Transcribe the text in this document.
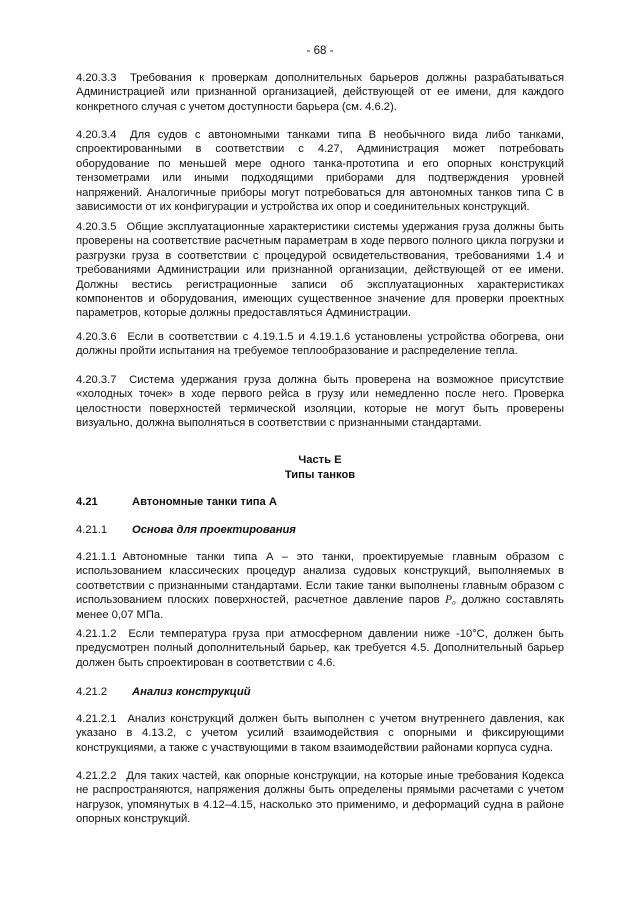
- 68 -
4.20.3.3 Требования к проверкам дополнительных барьеров должны разрабатываться Администрацией или признанной организацией, действующей от ее имени, для каждого конкретного случая с учетом доступности барьера (см. 4.6.2).
4.20.3.4 Для судов с автономными танками типа B необычного вида либо танками, спроектированными в соответствии с 4.27, Администрация может потребовать оборудование по меньшей мере одного танка-прототипа и его опорных конструкций тензометрами или иными подходящими приборами для подтверждения уровней напряжений. Аналогичные приборы могут потребоваться для автономных танков типа C в зависимости от их конфигурации и устройства их опор и соединительных конструкций.
4.20.3.5 Общие эксплуатационные характеристики системы удержания груза должны быть проверены на соответствие расчетным параметрам в ходе первого полного цикла погрузки и разгрузки груза в соответствии с процедурой освидетельствования, требованиями 1.4 и требованиями Администрации или признанной организации, действующей от ее имени. Должны вестись регистрационные записи об эксплуатационных характеристиках компонентов и оборудования, имеющих существенное значение для проверки проектных параметров, которые должны предоставляться Администрации.
4.20.3.6 Если в соответствии с 4.19.1.5 и 4.19.1.6 установлены устройства обогрева, они должны пройти испытания на требуемое теплообразование и распределение тепла.
4.20.3.7 Система удержания груза должна быть проверена на возможное присутствие «холодных точек» в ходе первого рейса в грузу или немедленно после него. Проверка целостности поверхностей термической изоляции, которые не могут быть проверены визуально, должна выполняться в соответствии с признанными стандартами.
Часть E
Типы танков
4.21	Автономные танки типа A
4.21.1 Основа для проектирования
4.21.1.1 Автономные танки типа A – это танки, проектируемые главным образом с использованием классических процедур анализа судовых конструкций, выполняемых в соответствии с признанными стандартами. Если такие танки выполнены главным образом с использованием плоских поверхностей, расчетное давление паров P₀ должно составлять менее 0,07 МПа.
4.21.1.2 Если температура груза при атмосферном давлении ниже -10°C, должен быть предусмотрен полный дополнительный барьер, как требуется 4.5. Дополнительный барьер должен быть спроектирован в соответствии с 4.6.
4.21.2 Анализ конструкций
4.21.2.1 Анализ конструкций должен быть выполнен с учетом внутреннего давления, как указано в 4.13.2, с учетом усилий взаимодействия с опорными и фиксирующими конструкциями, а также с участвующими в таком взаимодействии районами корпуса судна.
4.21.2.2 Для таких частей, как опорные конструкции, на которые иные требования Кодекса не распространяются, напряжения должны быть определены прямыми расчетами с учетом нагрузок, упомянутых в 4.12–4.15, насколько это применимо, и деформаций судна в районе опорных конструкций.
